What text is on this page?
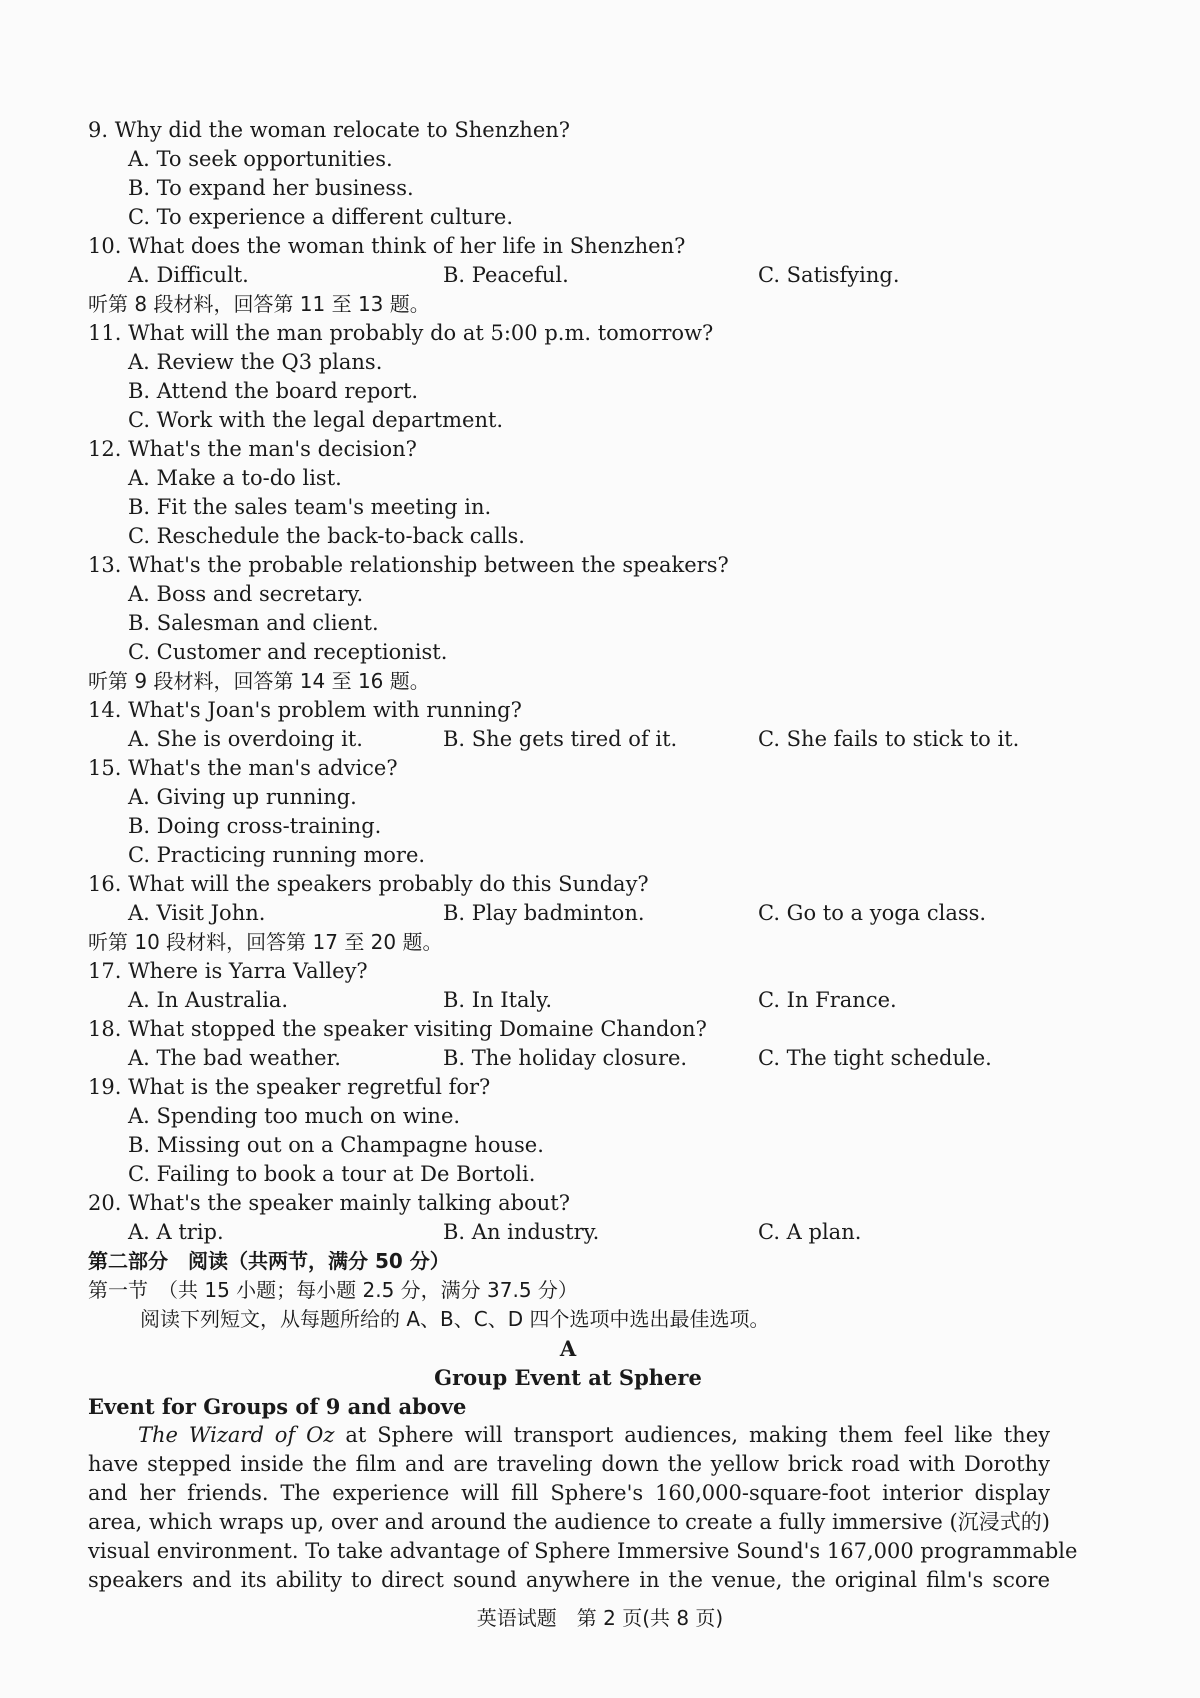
9. Why did the woman relocate to Shenzhen?
A. To seek opportunities.
B. To expand her business.
C. To experience a different culture.
10. What does the woman think of her life in Shenzhen?
A. Difficult.	B. Peaceful.	C. Satisfying.
听第 8 段材料，回答第 11 至 13 题。
11. What will the man probably do at 5:00 p.m. tomorrow?
A. Review the Q3 plans.
B. Attend the board report.
C. Work with the legal department.
12. What's the man's decision?
A. Make a to-do list.
B. Fit the sales team's meeting in.
C. Reschedule the back-to-back calls.
13. What's the probable relationship between the speakers?
A. Boss and secretary.
B. Salesman and client.
C. Customer and receptionist.
听第 9 段材料，回答第 14 至 16 题。
14. What's Joan's problem with running?
A. She is overdoing it.	B. She gets tired of it.	C. She fails to stick to it.
15. What's the man's advice?
A. Giving up running.
B. Doing cross-training.
C. Practicing running more.
16. What will the speakers probably do this Sunday?
A. Visit John.	B. Play badminton.	C. Go to a yoga class.
听第 10 段材料，回答第 17 至 20 题。
17. Where is Yarra Valley?
A. In Australia.	B. In Italy.	C. In France.
18. What stopped the speaker visiting Domaine Chandon?
A. The bad weather.	B. The holiday closure.	C. The tight schedule.
19. What is the speaker regretful for?
A. Spending too much on wine.
B. Missing out on a Champagne house.
C. Failing to book a tour at De Bortoli.
20. What's the speaker mainly talking about?
A. A trip.	B. An industry.	C. A plan.
第二部分　阅读（共两节，满分 50 分）
第一节　（共 15 小题；每小题 2.5 分，满分 37.5 分）
阅读下列短文，从每题所给的 A、B、C、D 四个选项中选出最佳选项。
A
Group Event at Sphere
Event for Groups of 9 and above
The Wizard of Oz at Sphere will transport audiences, making them feel like they
have stepped inside the film and are traveling down the yellow brick road with Dorothy
and her friends. The experience will fill Sphere's 160,000-square-foot interior display
area, which wraps up, over and around the audience to create a fully immersive (沉浸式的)
visual environment. To take advantage of Sphere Immersive Sound's 167,000 programmable
speakers and its ability to direct sound anywhere in the venue, the original film's score
英语试题　第 2 页(共 8 页)
